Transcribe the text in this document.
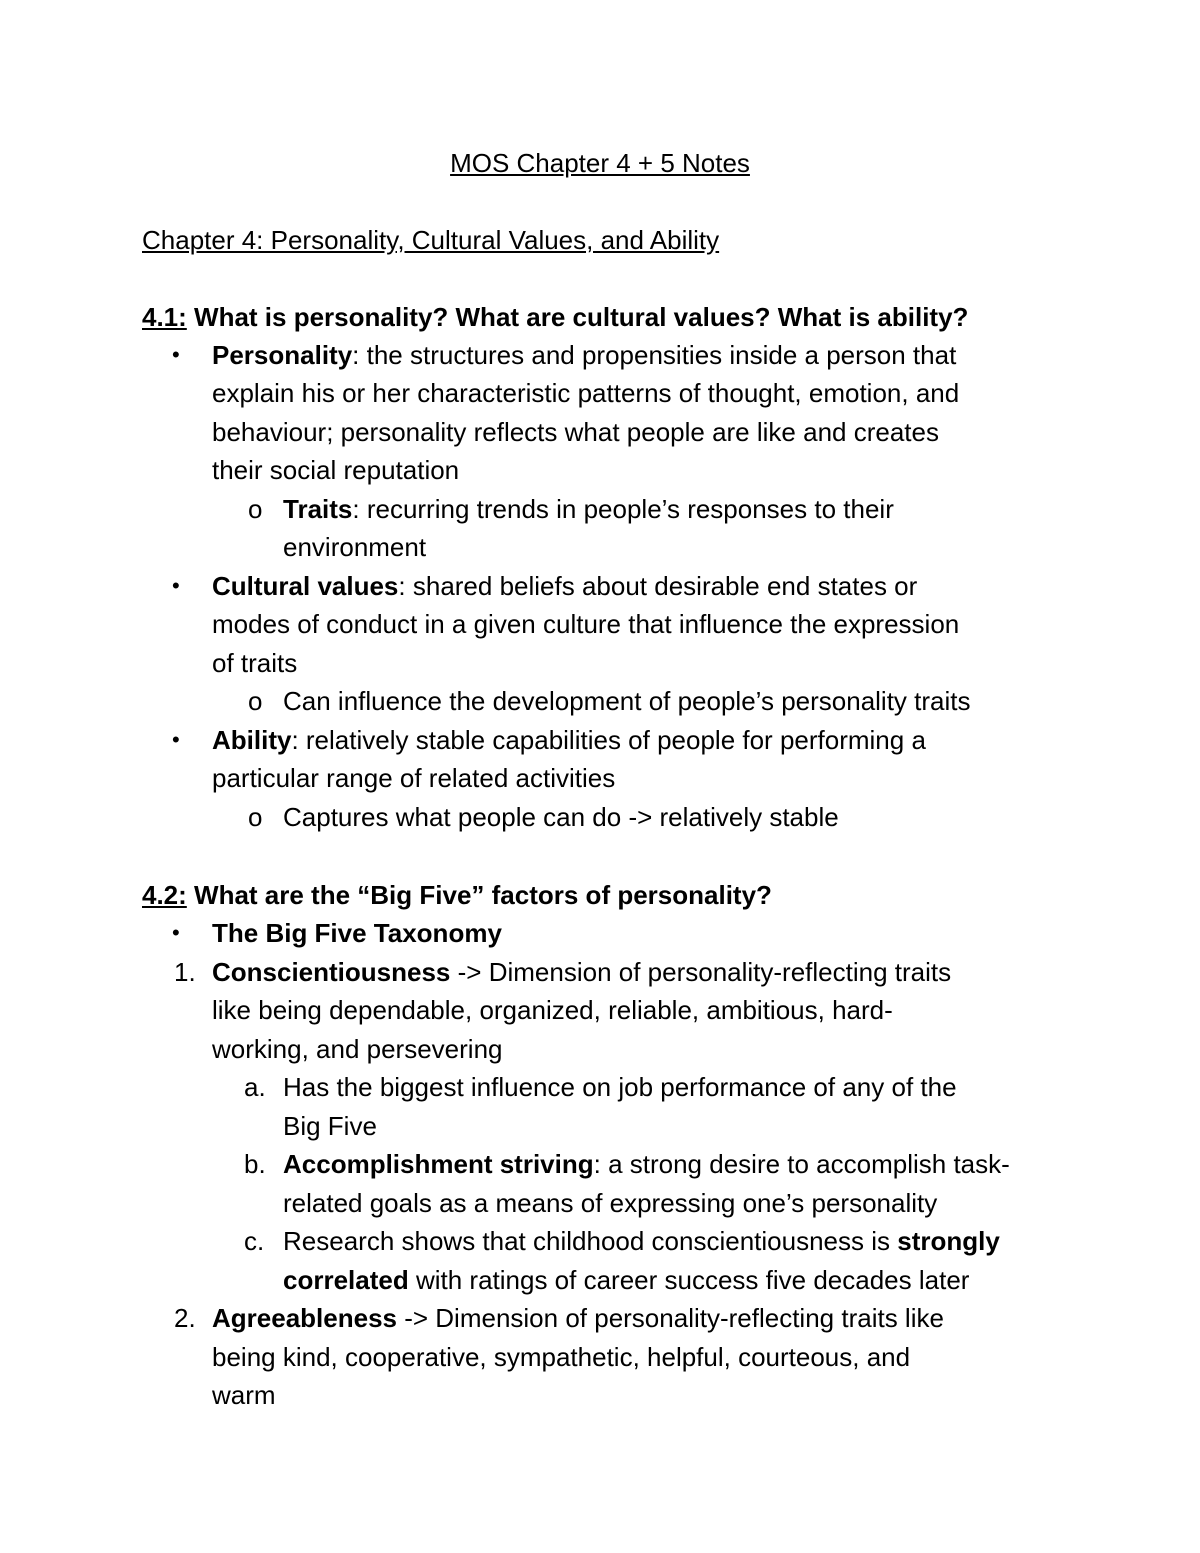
MOS Chapter 4 + 5 Notes
Chapter 4: Personality, Cultural Values, and Ability
4.1: What is personality? What are cultural values? What is ability?
• Personality: the structures and propensities inside a person that
explain his or her characteristic patterns of thought, emotion, and
behaviour; personality reflects what people are like and creates
their social reputation
o Traits: recurring trends in people’s responses to their
environment
• Cultural values: shared beliefs about desirable end states or
modes of conduct in a given culture that influence the expression
of traits
o Can influence the development of people’s personality traits
• Ability: relatively stable capabilities of people for performing a
particular range of related activities
o Captures what people can do -> relatively stable
4.2: What are the “Big Five” factors of personality?
• The Big Five Taxonomy
1. Conscientiousness -> Dimension of personality-reflecting traits
like being dependable, organized, reliable, ambitious, hard-
working, and persevering
a. Has the biggest influence on job performance of any of the
Big Five
b. Accomplishment striving: a strong desire to accomplish task-
related goals as a means of expressing one’s personality
c. Research shows that childhood conscientiousness is strongly
correlated with ratings of career success five decades later
2. Agreeableness -> Dimension of personality-reflecting traits like
being kind, cooperative, sympathetic, helpful, courteous, and
warm
